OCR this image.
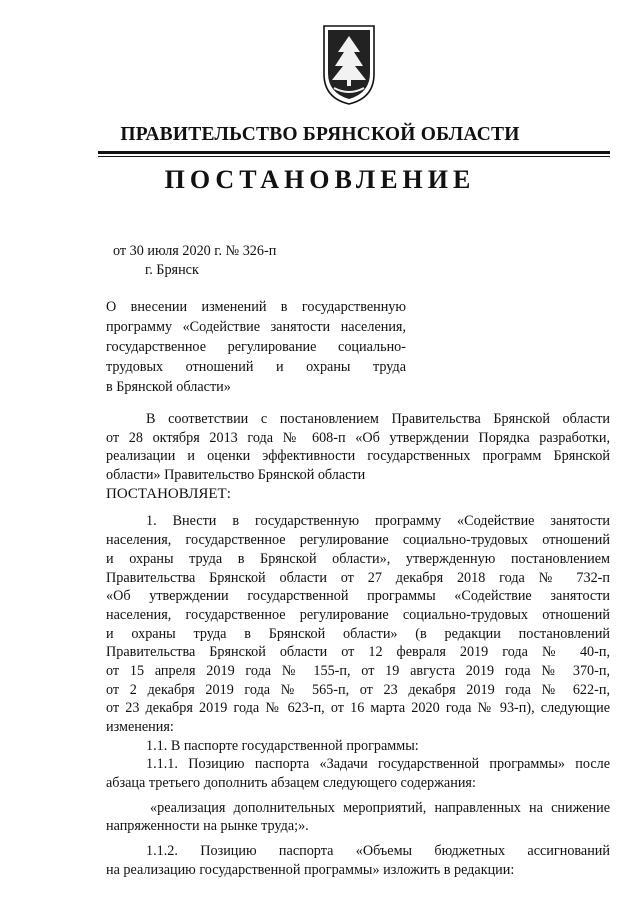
ПРАВИТЕЛЬСТВО БРЯНСКОЙ ОБЛАСТИ
ПОСТАНОВЛЕНИЕ
от 30 июля 2020 г. № 326-п
г. Брянск
О внесении изменений в государственную
программу «Содействие занятости населения,
государственное регулирование социально-
трудовых отношений и охраны труда
в Брянской области»
В соответствии с постановлением Правительства Брянской области
от 28 октября 2013 года № 608-п «Об утверждении Порядка разработки,
реализации и оценки эффективности государственных программ Брянской
области» Правительство Брянской области
ПОСТАНОВЛЯЕТ:
1. Внести в государственную программу «Содействие занятости
населения, государственное регулирование социально-трудовых отношений
и охраны труда в Брянской области», утвержденную постановлением
Правительства Брянской области от 27 декабря 2018 года № 732-п
«Об утверждении государственной программы «Содействие занятости
населения, государственное регулирование социально-трудовых отношений
и охраны труда в Брянской области» (в редакции постановлений
Правительства Брянской области от 12 февраля 2019 года № 40-п,
от 15 апреля 2019 года № 155-п, от 19 августа 2019 года № 370-п,
от 2 декабря 2019 года № 565-п, от 23 декабря 2019 года № 622-п,
от 23 декабря 2019 года № 623-п, от 16 марта 2020 года № 93-п), следующие
изменения:
1.1. В паспорте государственной программы:
1.1.1. Позицию паспорта «Задачи государственной программы» после
абзаца третьего дополнить абзацем следующего содержания:
«реализация дополнительных мероприятий, направленных на снижение
напряженности на рынке труда;».
1.1.2. Позицию паспорта «Объемы бюджетных ассигнований
на реализацию государственной программы» изложить в редакции:
